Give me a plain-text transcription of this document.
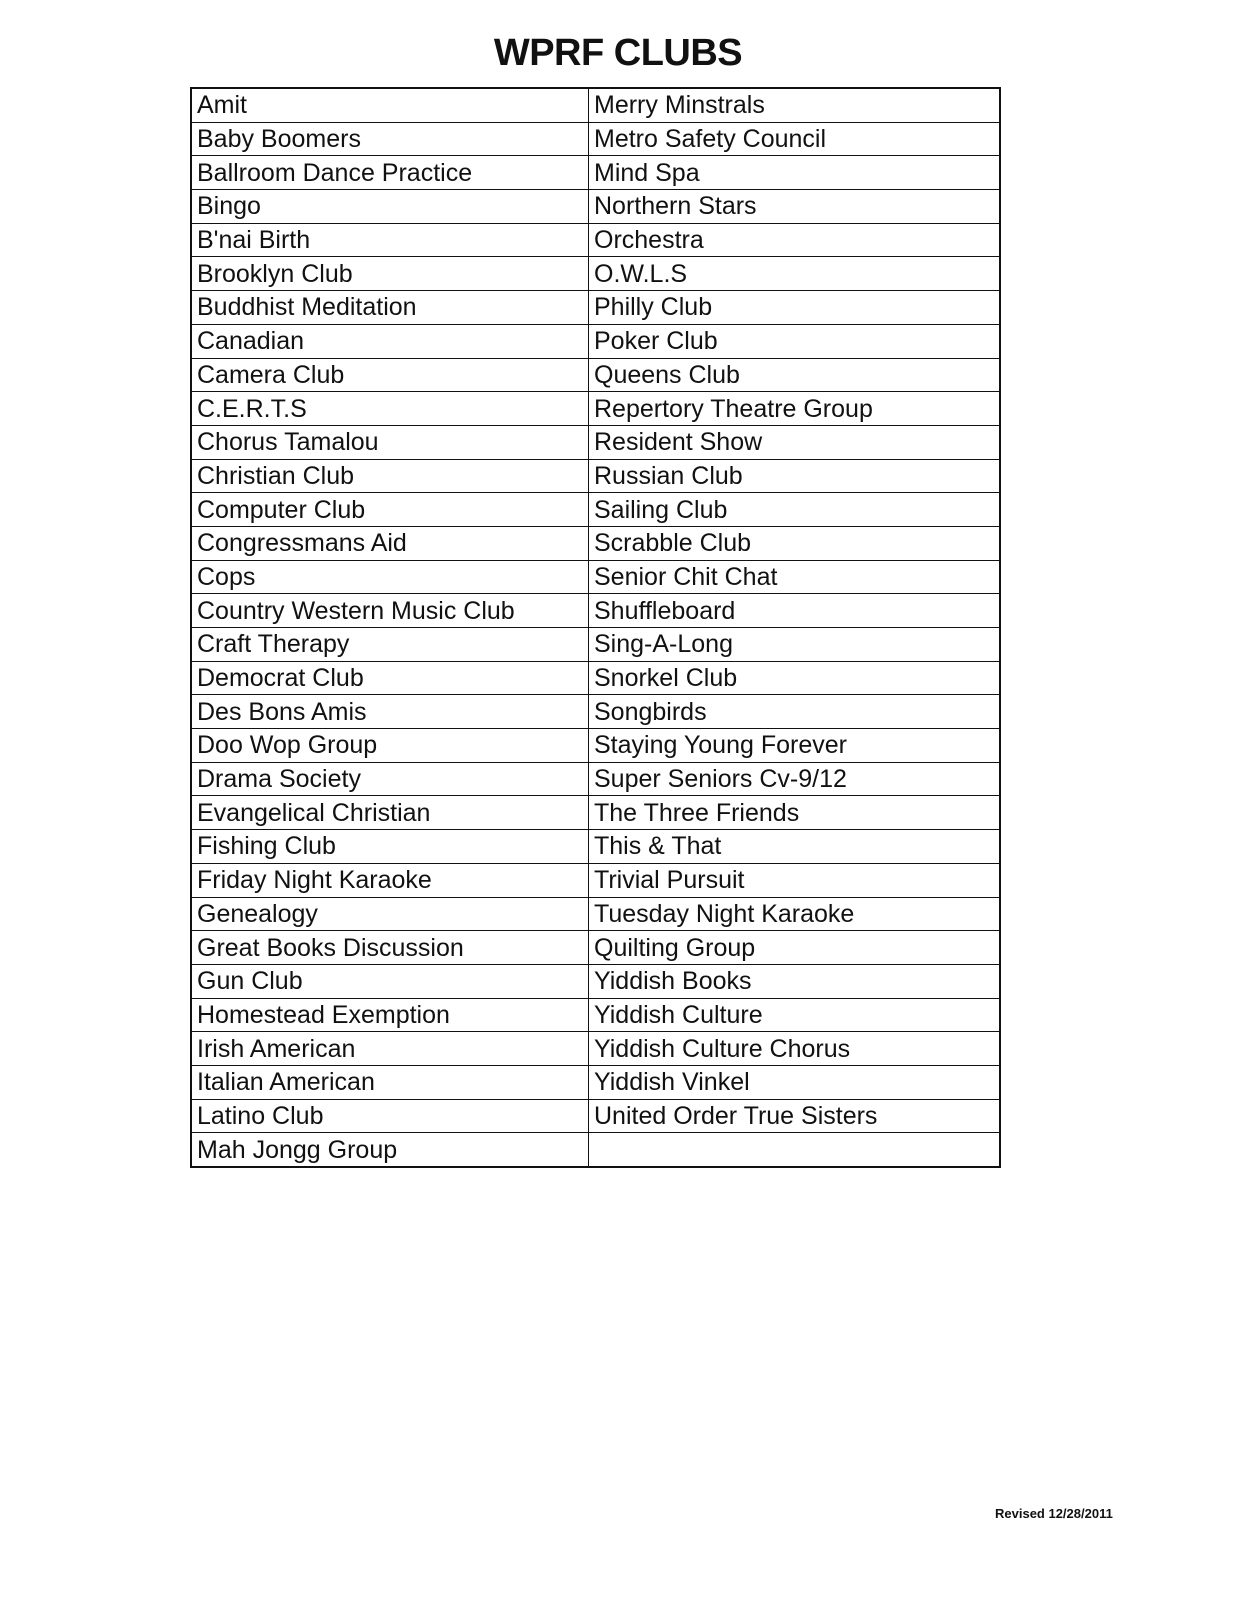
WPRF CLUBS
Amit	Merry Minstrals
Baby Boomers	Metro Safety Council
Ballroom Dance Practice	Mind Spa
Bingo	Northern Stars
B'nai Birth	Orchestra
Brooklyn Club	O.W.L.S
Buddhist Meditation	Philly Club
Canadian	Poker Club
Camera Club	Queens Club
C.E.R.T.S	Repertory Theatre Group
Chorus Tamalou	Resident Show
Christian Club	Russian Club
Computer Club	Sailing Club
Congressmans Aid	Scrabble Club
Cops	Senior Chit Chat
Country Western Music Club	Shuffleboard
Craft Therapy	Sing-A-Long
Democrat Club	Snorkel Club
Des Bons Amis	Songbirds
Doo Wop Group	Staying Young Forever
Drama Society	Super Seniors Cv-9/12
Evangelical Christian	The Three Friends
Fishing Club	This & That
Friday Night Karaoke	Trivial Pursuit
Genealogy	Tuesday Night Karaoke
Great Books Discussion	Quilting Group
Gun Club	Yiddish Books
Homestead Exemption	Yiddish Culture
Irish American	Yiddish Culture Chorus
Italian American	Yiddish Vinkel
Latino Club	United Order True Sisters
Mah Jongg Group	
Revised 12/28/2011
